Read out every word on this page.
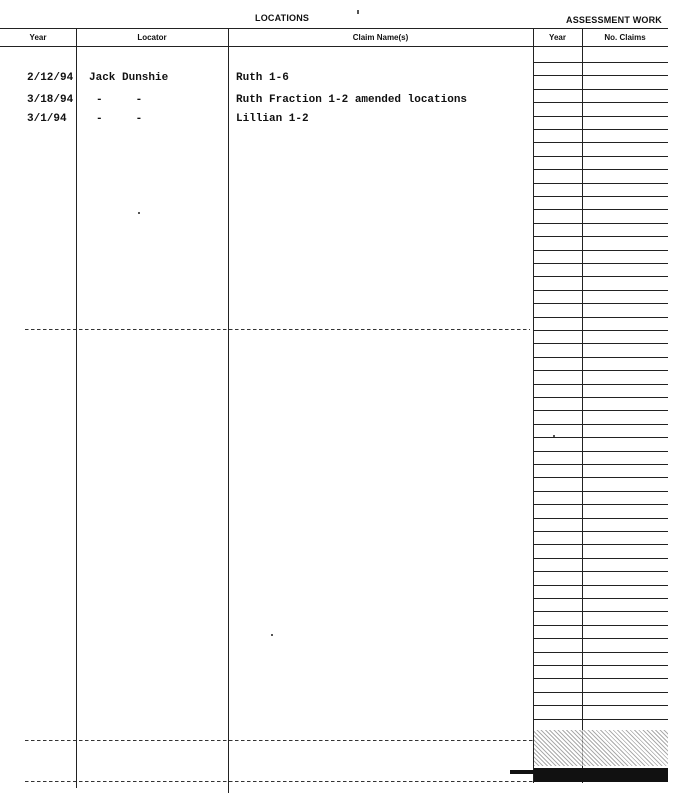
LOCATIONS	ASSESSMENT WORK
Year	Locator	Claim Name(s)	Year	No. Claims
2/12/94 Jack Dunshie	Ruth 1-6
3/18/94 -     -	Ruth Fraction 1-2 amended locations
3/1/94	-     -	Lillian 1-2
